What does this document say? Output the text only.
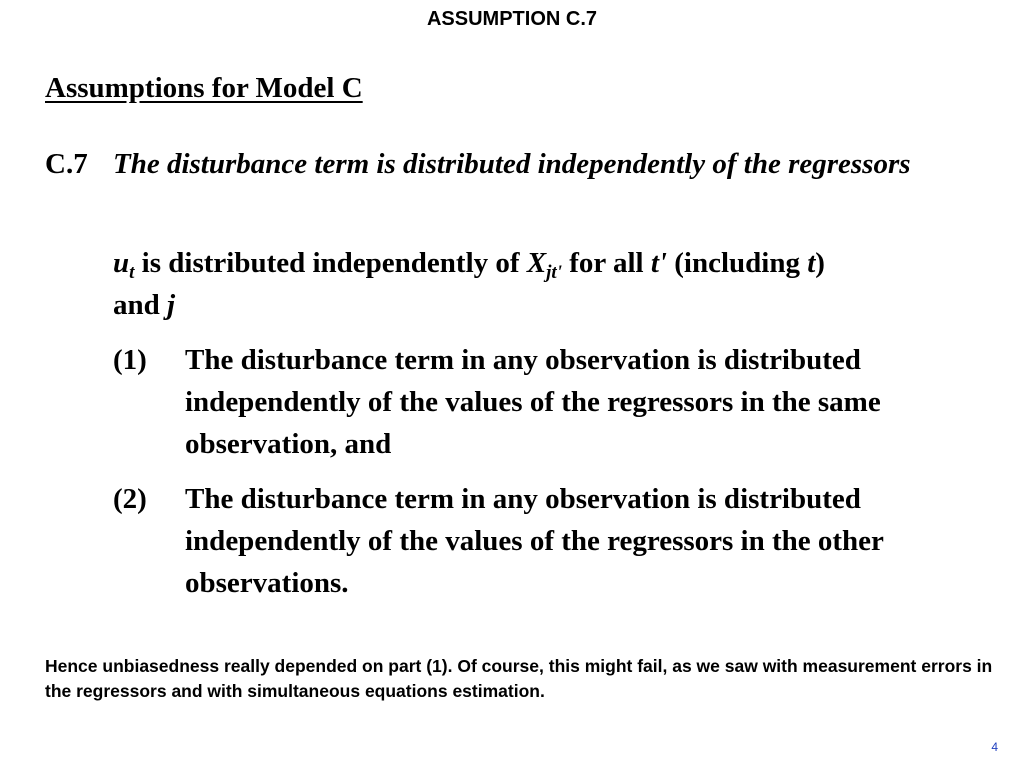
ASSUMPTION C.7
Assumptions for Model C
C.7 The disturbance term is distributed independently of the regressors
$u_t$ is distributed independently of $X_{jt'}$ for all t' (including t)
and j
(1) The disturbance term in any observation is distributed independently of the values of the regressors in the same observation, and
(2) The disturbance term in any observation is distributed independently of the values of the regressors in the other observations.
Hence unbiasedness really depended on part (1). Of course, this might fail, as we saw with measurement errors in the regressors and with simultaneous equations estimation.
4
